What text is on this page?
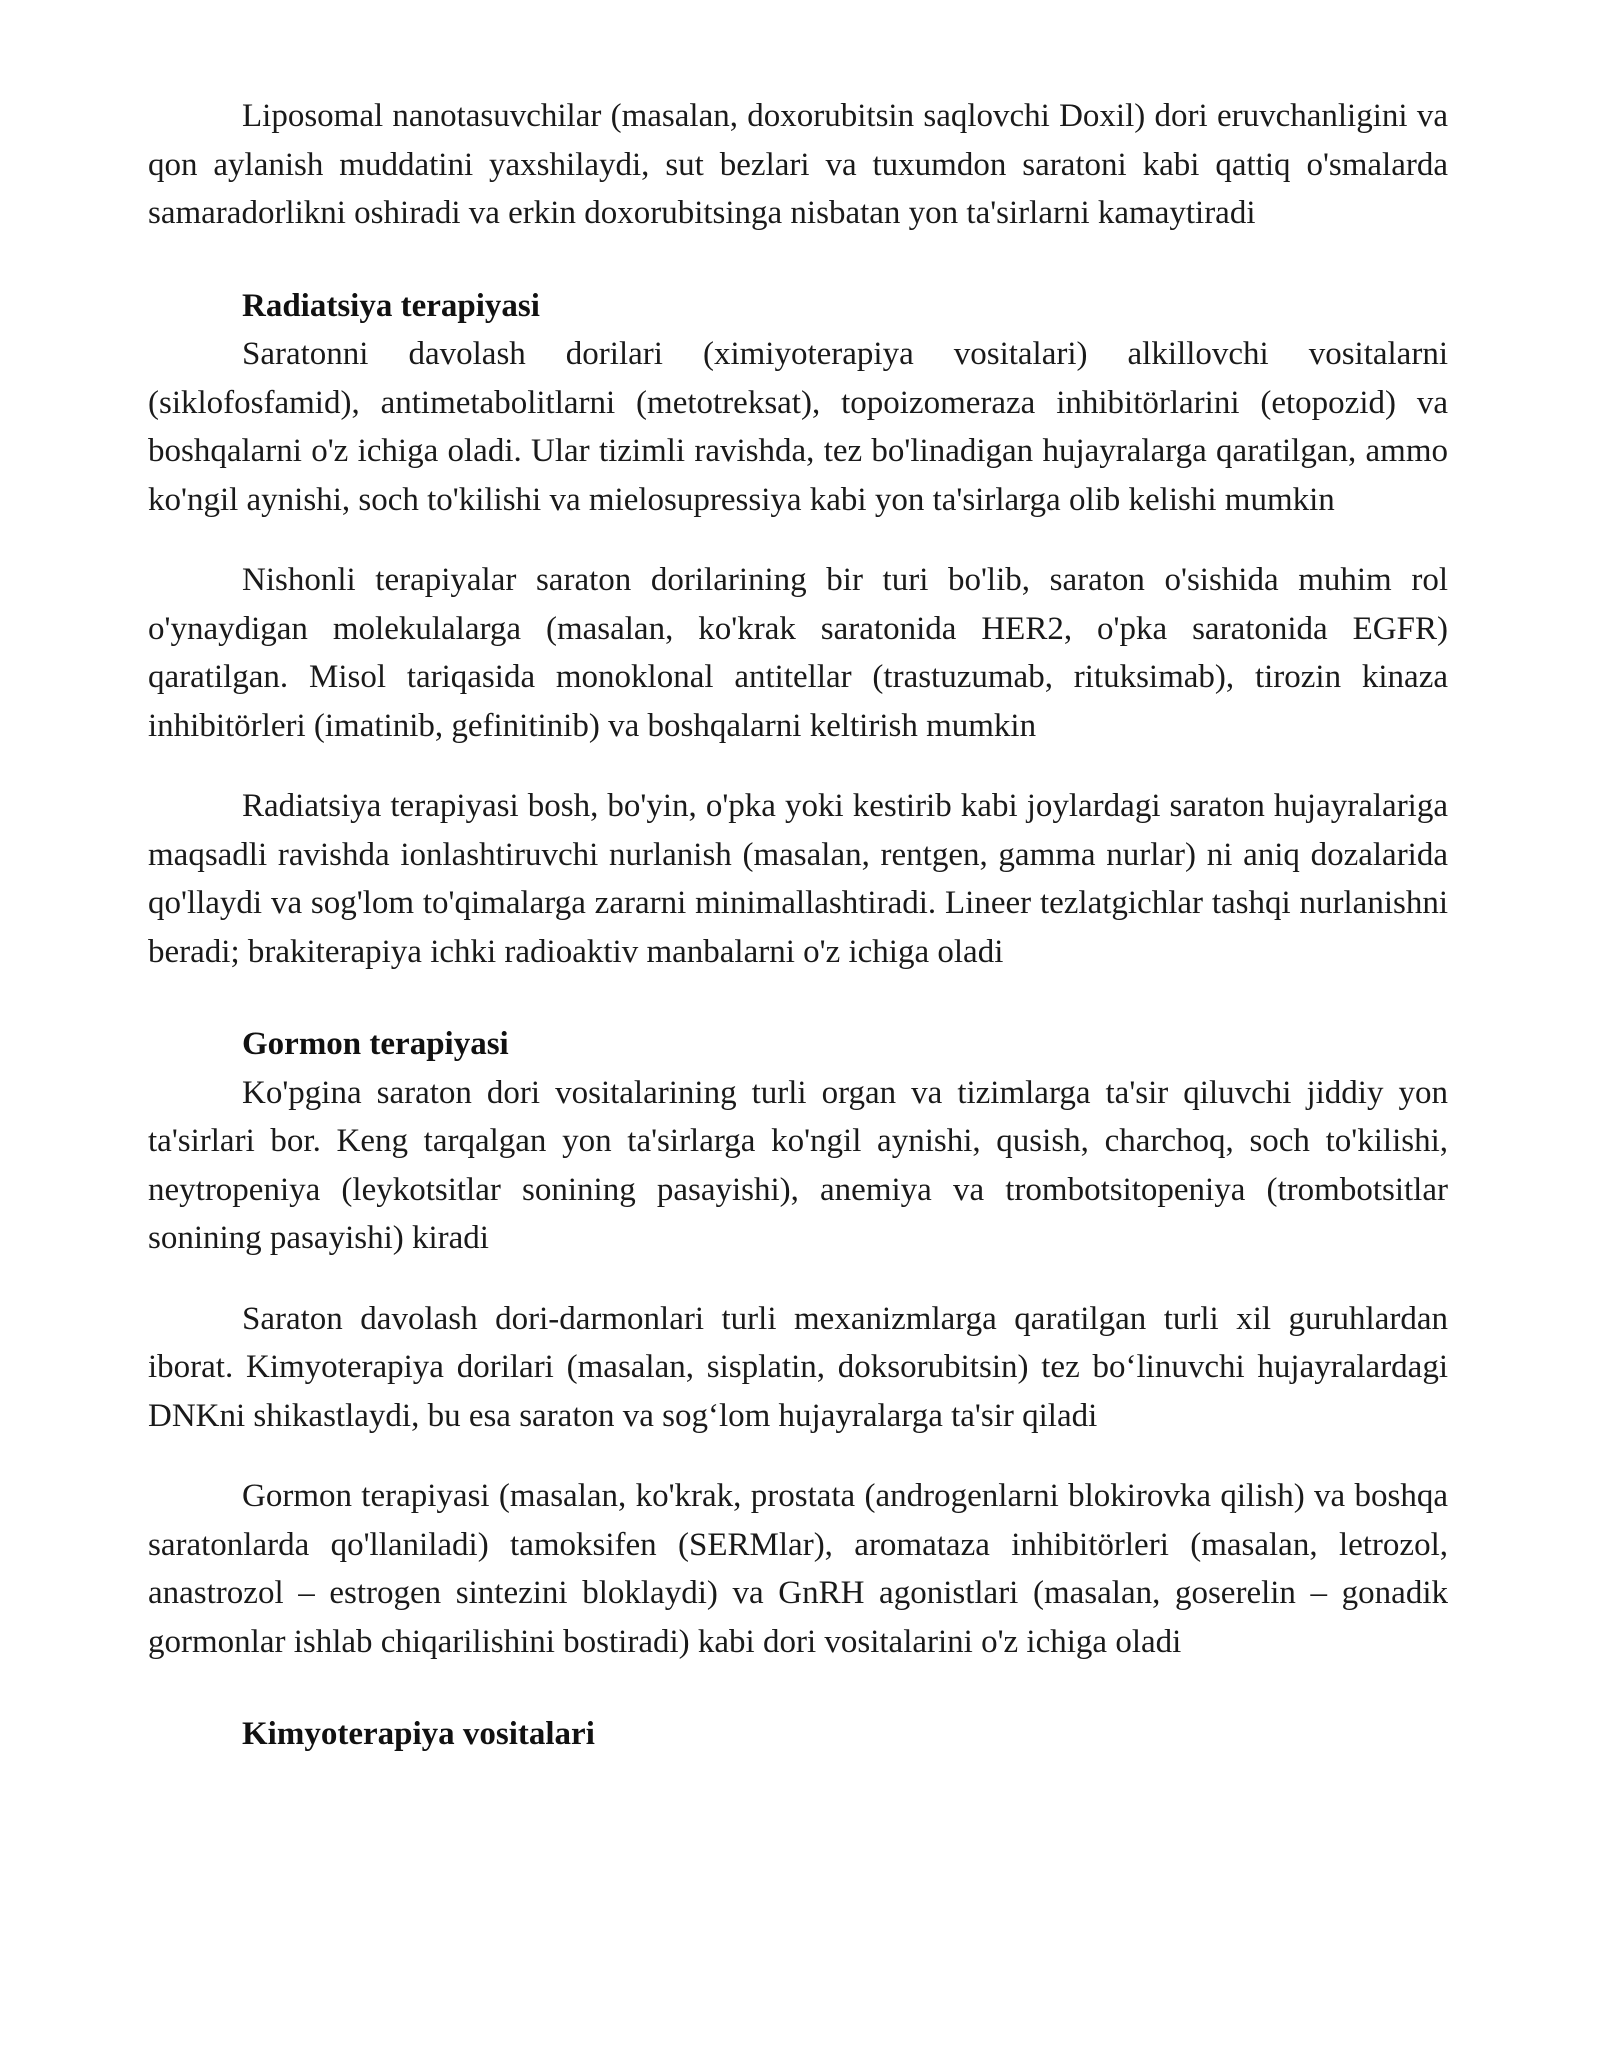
Liposomal nanotasuvchilar (masalan, doxorubitsin saqlovchi Doxil) dori eruvchanligini va qon aylanish muddatini yaxshilaydi, sut bezlari va tuxumdon saratoni kabi qattiq o'smalarda samaradorlikni oshiradi va erkin doxorubitsinga nisbatan yon ta'sirlarni kamaytiradi

Radiatsiya terapiyasi

Saratonni davolash dorilari (ximiyoterapiya vositalari) alkillovchi vositalarni (siklofosfamid), antimetabolitlarni (metotreksat), topoizomeraza inhibitörlarini (etopozid) va boshqalarni o'z ichiga oladi. Ular tizimli ravishda, tez bo'linadigan hujayralarga qaratilgan, ammo ko'ngil aynishi, soch to'kilishi va mielosupressiya kabi yon ta'sirlarga olib kelishi mumkin

Nishonli terapiyalar saraton dorilarining bir turi bo'lib, saraton o'sishida muhim rol o'ynaydigan molekulalarga (masalan, ko'krak saratonida HER2, o'pka saratonida EGFR) qaratilgan. Misol tariqasida monoklonal antitellar (trastuzumab, rituksimab), tirozin kinaza inhibitörleri (imatinib, gefinitinib) va boshqalarni keltirish mumkin

Radiatsiya terapiyasi bosh, bo'yin, o'pka yoki kestirib kabi joylardagi saraton hujayralariga maqsadli ravishda ionlashtiruvchi nurlanish (masalan, rentgen, gamma nurlar) ni aniq dozalarida qo'llaydi va sog'lom to'qimalarga zararni minimallashtiradi. Lineer tezlatgichlar tashqi nurlanishni beradi; brakiterapiya ichki radioaktiv manbalarni o'z ichiga oladi

Gormon terapiyasi

Ko'pgina saraton dori vositalarining turli organ va tizimlarga ta'sir qiluvchi jiddiy yon ta'sirlari bor. Keng tarqalgan yon ta'sirlarga ko'ngil aynishi, qusish, charchoq, soch to'kilishi, neytropeniya (leykotsitlar sonining pasayishi), anemiya va trombotsitopeniya (trombotsitlar sonining pasayishi) kiradi

Saraton davolash dori-darmonlari turli mexanizmlarga qaratilgan turli xil guruhlardan iborat. Kimyoterapiya dorilari (masalan, sisplatin, doksorubitsin) tez bo‘linuvchi hujayralardagi DNKni shikastlaydi, bu esa saraton va sog‘lom hujayralarga ta'sir qiladi

Gormon terapiyasi (masalan, ko'krak, prostata (androgenlarni blokirovka qilish) va boshqa saratonlarda qo'llaniladi) tamoksifen (SERMlar), aromataza inhibitörleri (masalan, letrozol, anastrozol – estrogen sintezini bloklaydi) va GnRH agonistlari (masalan, goserelin – gonadik gormonlar ishlab chiqarilishini bostiradi) kabi dori vositalarini o'z ichiga oladi

Kimyoterapiya vositalari
